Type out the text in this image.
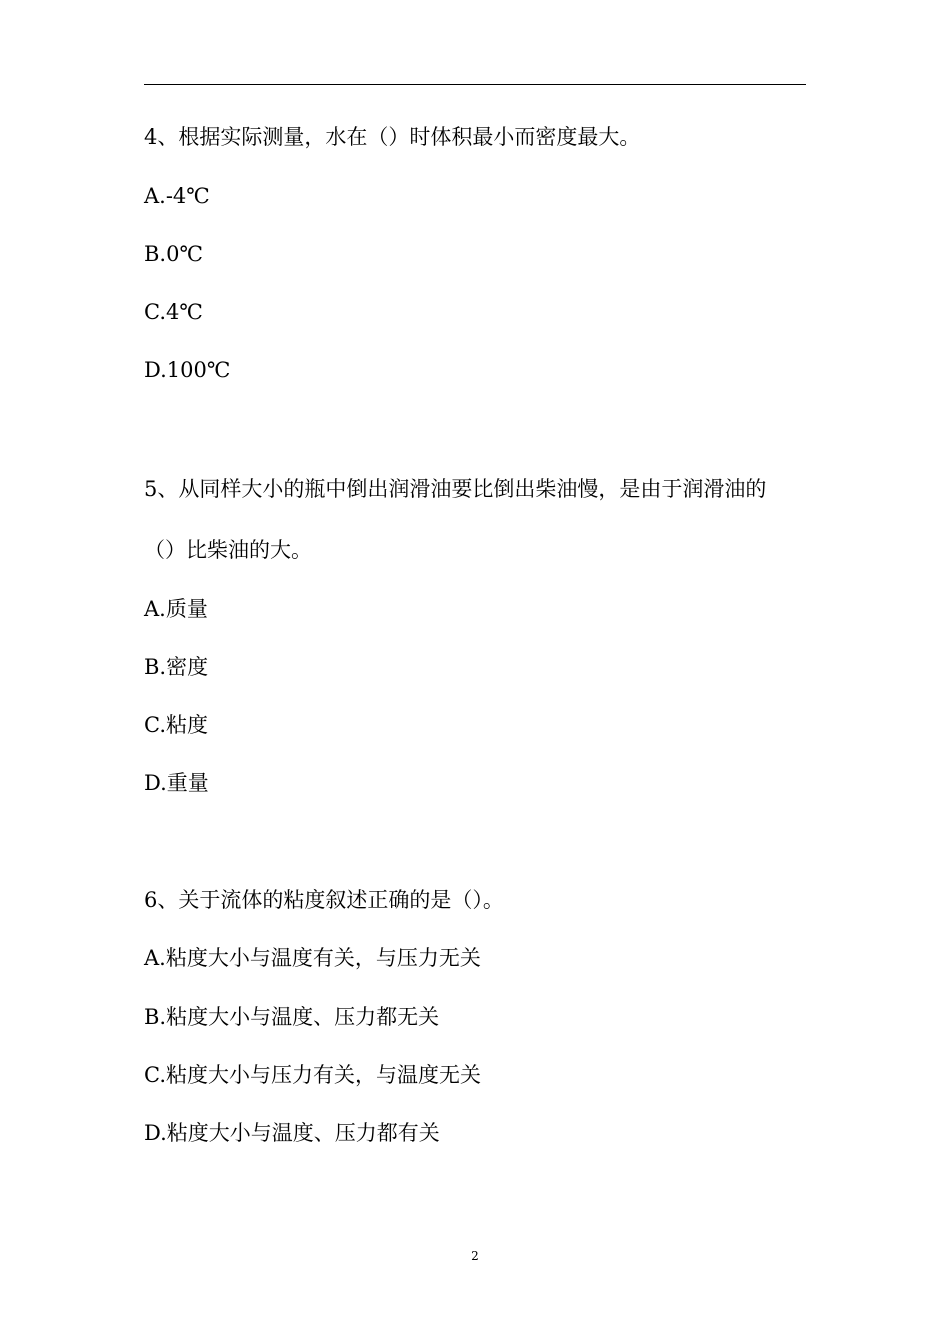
4、根据实际测量，水在（）时体积最小而密度最大。
A.-4℃
B.0℃
C.4℃
D.100℃
5、从同样大小的瓶中倒出润滑油要比倒出柴油慢，是由于润滑油的
（）比柴油的大。
A.质量
B.密度
C.粘度
D.重量
6、关于流体的粘度叙述正确的是（）。
A.粘度大小与温度有关，与压力无关
B.粘度大小与温度、压力都无关
C.粘度大小与压力有关，与温度无关
D.粘度大小与温度、压力都有关
2
